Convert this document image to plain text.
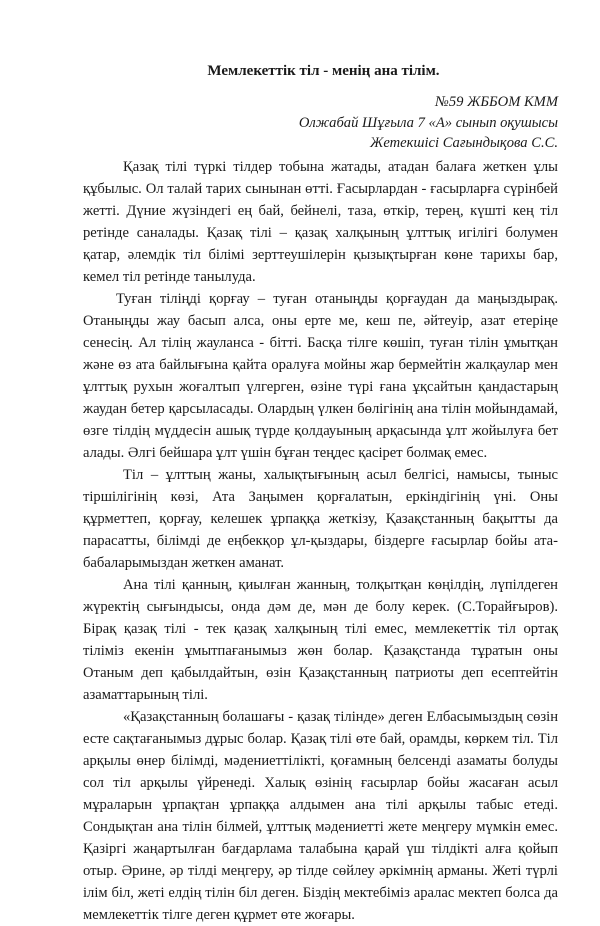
Мемлекеттік тіл - менің ана тілім.

№59 ЖББОМ КММ

Олжабай Шұғыла 7 «А» сынып оқушысы

Жетекшісі Сағындықова С.С.

Қазақ тілі түркі тілдер тобына жатады, атадан балаға жеткен ұлы құбылыс. Ол талай тарих сынынан өтті. Ғасырлардан - ғасырларға сүрінбей жетті. Дүние жүзіндегі ең бай, бейнелі, таза, өткір, терең, күшті кең тіл ретінде саналады. Қазақ тілі – қазақ халқының ұлттық игілігі болумен қатар, әлемдік тіл білімі зерттеушілерін қызықтырған көне тарихы бар, кемел тіл ретінде танылуда.

Туған тіліңді қорғау – туған отаныңды қорғаудан да маңыздырақ. Отаныңды жау басып алса, оны ерте ме, кеш пе, әйтеуір, азат етеріңе сенесің. Ал тілің жауланса - бітті. Басқа тілге көшіп, туған тілін ұмытқан және өз ата байлығына қайта оралуға мойны жар бермейтін жалқаулар мен ұлттық рухын жоғалтып үлгерген, өзіне түрі ғана ұқсайтын қандастарың жаудан бетер қарсыласады. Олардың үлкен бөлігінің ана тілін мойындамай, өзге тілдің мүддесін ашық түрде қолдауының арқасында ұлт жойылуға бет алады. Әлгі бейшара ұлт үшін бұған теңдес қасірет болмақ емес.

Тіл – ұлттың жаны, халықтығының асыл белгісі, намысы, тыныс тіршілігінің көзі, Ата Заңымен қорғалатын, еркіндігінің үні. Оны құрметтеп, қорғау, келешек ұрпаққа жеткізу, Қазақстанның бақытты да парасатты, білімді де еңбекқор ұл-қыздары, біздерге ғасырлар бойы ата-бабаларымыздан жеткен аманат.

Ана тілі қанның, қиылған жанның, толқытқан көңілдің, лүпілдеген жүректің сығындысы, онда дәм де, мән де болу керек. (С.Торайғыров). Бірақ қазақ тілі - тек қазақ халқының тілі емес, мемлекеттік тіл ортақ тіліміз екенін ұмытпағанымыз жөн болар. Қазақстанда тұратын оны Отаным деп қабылдайтын, өзін Қазақстанның патриоты деп есептейтін азаматтарының тілі.

«Қазақстанның болашағы - қазақ тілінде» деген Елбасымыздың сөзін есте сақтағанымыз дұрыс болар. Қазақ тілі өте бай, орамды, көркем тіл. Тіл арқылы өнер білімді, мәдениеттілікті, қоғамның белсенді азаматы болуды сол тіл арқылы үйренеді. Халық өзінің ғасырлар бойы жасаған асыл мұраларын ұрпақтан ұрпаққа алдымен ана тілі арқылы табыс етеді. Сондықтан ана тілін білмей, ұлттық мәдениетті жете меңгеру мүмкін емес. Қазіргі жаңартылған бағдарлама талабына қарай үш тілдікті алға қойып отыр. Әрине, әр тілді меңгеру, әр тілде сөйлеу әркімнің арманы. Жеті түрлі ілім біл, жеті елдің тілін біл деген. Біздің мектебіміз аралас мектеп болса да мемлекеттік тілге деген құрмет өте жоғары.
